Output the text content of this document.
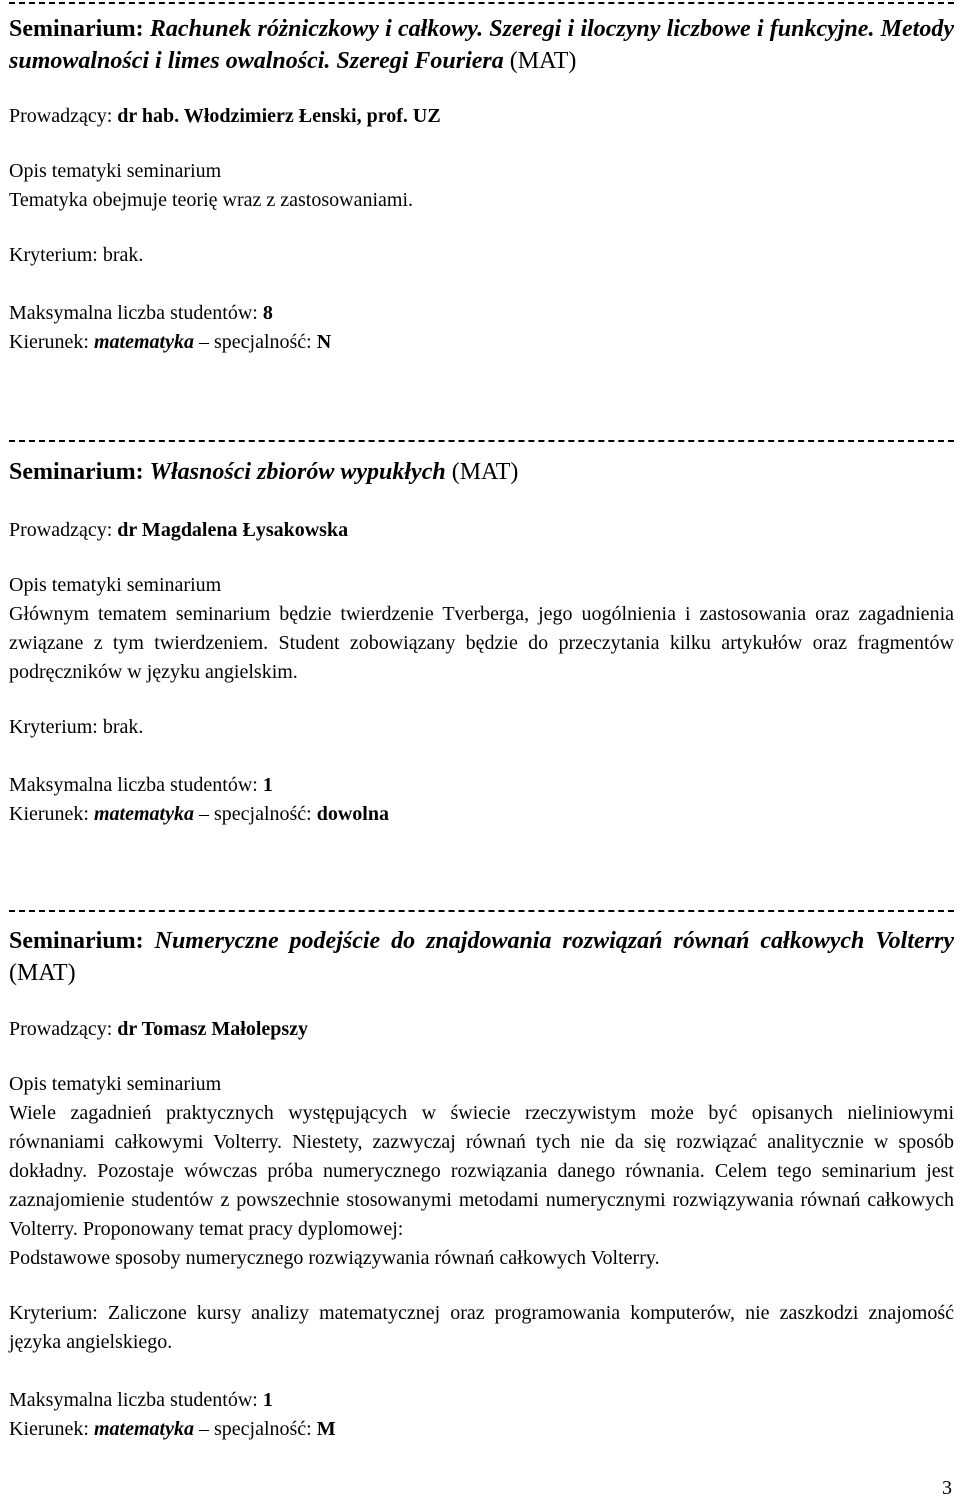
Seminarium: Rachunek różniczkowy i całkowy. Szeregi i iloczyny liczbowe i funkcyjne. Metody sumowalności i limes owalności. Szeregi Fouriera (MAT)

Prowadzący: dr hab. Włodzimierz Łenski, prof. UZ

Opis tematyki seminarium

Tematyka obejmuje teorię wraz z zastosowaniami.

Kryterium: brak.

Maksymalna liczba studentów: 8

Kierunek: matematyka – specjalność: N

Seminarium: Własności zbiorów wypukłych (MAT)

Prowadzący: dr Magdalena Łysakowska

Opis tematyki seminarium

Głównym tematem seminarium będzie twierdzenie Tverberga, jego uogólnienia i zastosowania oraz zagadnienia związane z tym twierdzeniem. Student zobowiązany będzie do przeczytania kilku artykułów oraz fragmentów podręczników w języku angielskim.

Kryterium: brak.

Maksymalna liczba studentów: 1

Kierunek: matematyka – specjalność: dowolna

Seminarium: Numeryczne podejście do znajdowania rozwiązań równań całkowych Volterry (MAT)

Prowadzący: dr Tomasz Małolepszy

Opis tematyki seminarium

Wiele zagadnień praktycznych występujących w świecie rzeczywistym może być opisanych nieliniowymi równaniami całkowymi Volterry. Niestety, zazwyczaj równań tych nie da się rozwiązać analitycznie w sposób dokładny. Pozostaje wówczas próba numerycznego rozwiązania danego równania. Celem tego seminarium jest zaznajomienie studentów z powszechnie stosowanymi metodami numerycznymi rozwiązywania równań całkowych Volterry. Proponowany temat pracy dyplomowej:

Podstawowe sposoby numerycznego rozwiązywania równań całkowych Volterry.

Kryterium: Zaliczone kursy analizy matematycznej oraz programowania komputerów, nie zaszkodzi znajomość języka angielskiego.

Maksymalna liczba studentów: 1

Kierunek: matematyka – specjalność: M

3
